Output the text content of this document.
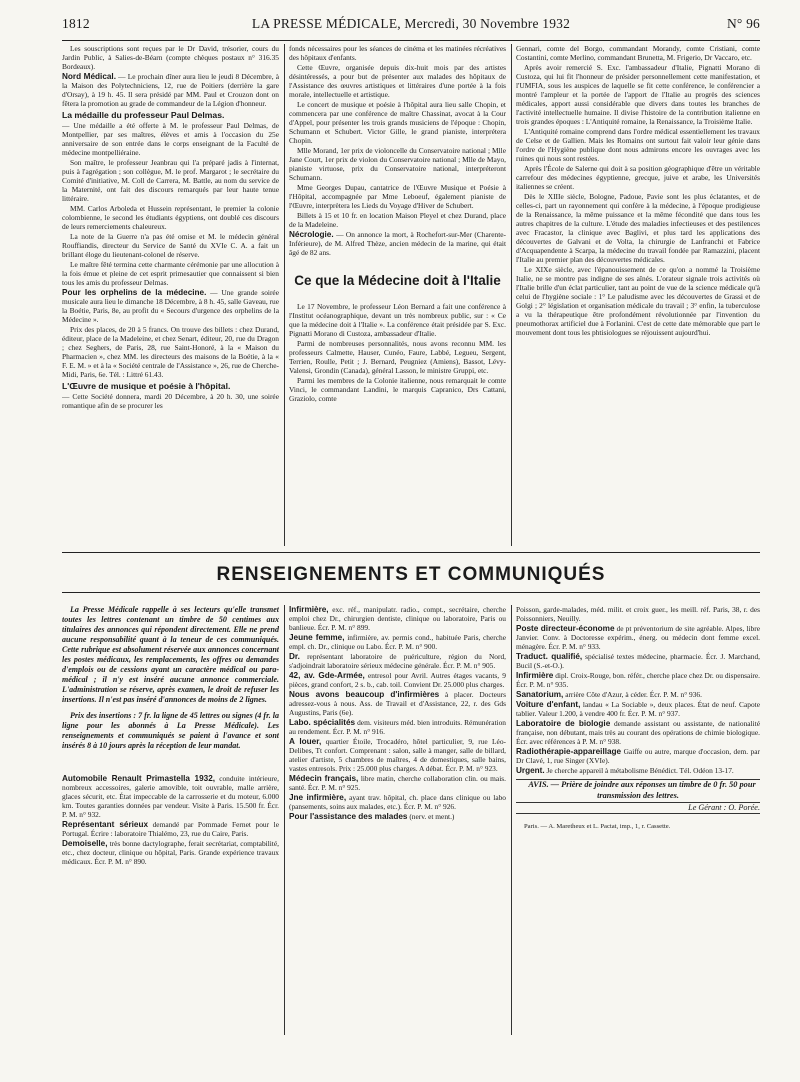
1812	LA PRESSE MÉDICALE, Mercredi, 30 Novembre 1932	N° 96

Les souscriptions sont reçues par le Dr David, trésorier, cours du Jardin Public, à Salies-de-Béarn (compte chèques postaux n° 316.35 Bordeaux).

Nord Médical. — Le prochain dîner aura lieu le jeudi 8 Décembre, à la Maison des Polytechniciens, 12, rue de Poitiers (derrière la gare d'Orsay), à 19 h. 45. Il sera présidé par MM. Paul et Crouzon dont on fêtera la promotion au grade de commandeur de la Légion d'honneur.

La médaille du professeur Paul Delmas.

— Une médaille a été offerte à M. le professeur Paul Delmas, de Montpellier, par ses maîtres, élèves et amis à l'occasion du 25e anniversaire de son entrée dans le corps enseignant de la Faculté de médecine montpelliéraine.

Son maître, le professeur Jeanbrau qui l'a préparé jadis à l'internat, puis à l'agrégation ; son collègue, M. le prof. Margarot ; le secrétaire du Comité d'initiative, M. Coll de Carrera, M. Battle, au nom du service de la Maternité, ont fait des discours remarqués par leur haute tenue littéraire.

MM. Carlos Arboleda et Hussein représentant, le premier la colonie colombienne, le second les étudiants égyptiens, ont doublé ces discours de leurs remerciements chaleureux.

La note de la Guerre n'a pas été omise et M. le médecin général Rouffiandis, directeur du Service de Santé du XVIe C. A. a fait un brillant éloge du lieutenant-colonel de réserve.

Le maître fêté termina cette charmante cérémonie par une allocution à la fois émue et pleine de cet esprit primesautier que connaissent si bien tous les amis du professeur Delmas.

Pour les orphelins de la médecine. — Une grande soirée musicale aura lieu le dimanche 18 Décembre, à 8 h. 45, salle Gaveau, rue la Boétie, Paris, 8e, au profit du « Secours d'urgence des orphelins de la Médecine ».

Prix des places, de 20 à 5 francs. On trouve des billets : chez Durand, éditeur, place de la Madeleine, et chez Senart, éditeur, 20, rue du Dragon ; chez Seghers, de Paris, 28, rue Saint-Honoré, à la « Maison du Pharmacien », chez MM. les directeurs des maisons de la Boétie, à la « F. E. M. » et à la « Société centrale de l'Assistance », 26, rue de Cherche-Midi, Paris, 6e. Tél. : Littré 61.43.

L'Œuvre de musique et poésie à l'hôpital.

— Cette Société donnera, mardi 20 Décembre, à 20 h. 30, une soirée romantique afin de se procurer les

fonds nécessaires pour les séances de cinéma et les matinées récréatives des hôpitaux d'enfants.

Cette Œuvre, organisée depuis dix-huit mois par des artistes désintéressés, a pour but de présenter aux malades des hôpitaux de l'Assistance des œuvres artistiques et littéraires d'une portée à la fois morale, intellectuelle et artistique.

Le concert de musique et poésie à l'hôpital aura lieu salle Chopin, et commencera par une conférence de maître Chassinat, avocat à la Cour d'Appel, pour présenter les trois grands musiciens de l'époque : Chopin, Schumann et Schubert. Victor Gille, le grand pianiste, interprétera Chopin.

Mlle Morand, 1er prix de violoncelle du Conservatoire national ; Mlle Jane Court, 1er prix de violon du Conservatoire national ; Mlle de Mayo, pianiste virtuose, prix du Conservatoire national, interpréteront Schumann.

Mme Georges Dupau, cantatrice de l'Œuvre Musique et Poésie à l'Hôpital, accompagnée par Mme Leboeuf, également pianiste de l'Œuvre, interprètera les Lieds du Voyage d'Hiver de Schubert.

Billets à 15 et 10 fr. en location Maison Pleyel et chez Durand, place de la Madeleine.

Nécrologie. — On annonce la mort, à Rochefort-sur-Mer (Charente-Inférieure), de M. Alfred Thèze, ancien médecin de la marine, qui était âgé de 82 ans.

Ce que la Médecine doit à l'Italie

Le 17 Novembre, le professeur Léon Bernard a fait une conférence à l'Institut océanographique, devant un très nombreux public, sur : « Ce que la médecine doit à l'Italie ». La conférence était présidée par S. Exc. Pignatti Morano di Custoza, ambassadeur d'Italie.

Parmi de nombreuses personnalités, nous avons reconnu MM. les professeurs Calmette, Hauser, Cunéo, Faure, Labbé, Legueu, Sergent, Terrien, Roulle, Petit ; J. Bernard, Peugniez (Amiens), Bassot, Lévy-Valensi, Grondin (Canada), général Lasson, le ministre Gruppi, etc.

Parmi les membres de la Colonie italienne, nous remarquait le comte Vinci, le commandant Landini, le marquis Capranico, Drs Cattani, Graziolo, comte

Gennari, comte del Borgo, commandant Morandy, comte Cristiani, comte Costantini, comte Merlino, commandant Brunetta, M. Frigerio, Dr Vaccaro, etc.

Après avoir remercié S. Exc. l'ambassadeur d'Italie, Pignatti Morano di Custoza, qui lui fit l'honneur de présider personnellement cette manifestation, et l'UMFIA, sous les auspices de laquelle se fit cette conférence, le conférencier a montré l'ampleur et la portée de l'apport de l'Italie au progrès des sciences médicales, apport aussi considérable que divers dans toutes les branches de l'activité intellectuelle humaine. Il divise l'histoire de la contribution italienne en trois grandes époques : L'Antiquité romaine, la Renaissance, la Troisième Italie.

L'Antiquité romaine comprend dans l'ordre médical essentiellement les travaux de Celse et de Gallien. Mais les Romains ont surtout fait valoir leur génie dans l'ordre de l'Hygiène publique dont nous admirons encore les ouvrages avec les ruines qui nous sont restées.

Après l'École de Salerne qui doit à sa position géographique d'être un véritable carrefour des médecines égyptienne, grecque, juive et arabe, les Universités italiennes se créent.

Dès le XIIIe siècle, Bologne, Padoue, Pavie sont les plus éclatantes, et de celles-ci, part un rayonnement qui confère à la médecine, à l'époque prodigieuse de la Renaissance, la même puissance et la même fécondité que dans tous les autres chapitres de la culture. L'étude des maladies infectieuses et des pestilences avec Fracastor, la clinique avec Baglivi, et plus tard les applications des découvertes de Galvani et de Volta, la chirurgie de Lanfranchi et Fabrice d'Acquapendente à Scarpa, la médecine du travail fondée par Ramazzini, placent l'Italie au premier plan des découvertes médicales.

Le XIXe siècle, avec l'épanouissement de ce qu'on a nommé la Troisième Italie, ne se montre pas indigne de ses aînés. L'orateur signale trois activités où l'Italie brille d'un éclat particulier, tant au point de vue de la science médicale qu'à celui de l'hygiène sociale : 1° Le paludisme avec les découvertes de Grassi et de Golgi ; 2° législation et organisation médicale du travail ; 3° enfin, la tuberculose a vu la thérapeutique être profondément révolutionnée par l'invention du pneumothorax artificiel due à Forlanini. C'est de cette date mémorable que part le mouvement dont tous les phtisiologues se réjouissent aujourd'hui.

RENSEIGNEMENTS ET COMMUNIQUÉS

La Presse Médicale rappelle à ses lecteurs qu'elle transmet toutes les lettres contenant un timbre de 50 centimes aux titulaires des annonces qui répondent directement. Elle ne prend aucune responsabilité quant à la teneur de ces communiqués. Cette rubrique est absolument réservée aux annonces concernant les postes médicaux, les remplacements, les offres ou demandes d'emplois ou de cessions ayant un caractère médical ou para-médical ; il n'y est inséré aucune annonce commerciale. L'administration se réserve, après examen, le droit de refuser les insertions. Il n'est pas inséré d'annonces de moins de 2 lignes.

Prix des insertions : 7 fr. la ligne de 45 lettres ou signes (4 fr. la ligne pour les abonnés à La Presse Médicale). Les renseignements et communiqués se paient à l'avance et sont insérés 8 à 10 jours après la réception de leur mandat.

Automobile Renault Primastella 1932, conduite intérieure, nombreux accessoires, galerie amovible, toit ouvrable, malle arrière, glaces sécurit, etc. État impeccable de la carrosserie et du moteur, 6.000 km. Toutes garanties données par vendeur. Visite à Paris. 15.500 fr. Écr. P. M. n° 932.

Représentant sérieux demandé par Pommade Fernet pour le Portugal. Écrire : laboratoire Thialémo, 23, rue du Caire, Paris.

Demoiselle, très bonne dactylographe, ferait secrétariat, comptabilité, etc., chez docteur, clinique ou hôpital, Paris. Grande expérience travaux médicaux. Écr. P. M. n° 890.

Infirmière, exc. réf., manipulatr. radio., compt., secrétaire, cherche emploi chez Dr., chirurgien dentiste, clinique ou laboratoire, Paris ou banlieue. Écr. P. M. n° 899.

Jeune femme, infirmière, av. permis cond., habituée Paris, cherche empl. ch. Dr., clinique ou Labo. Écr. P. M. n° 900.

Dr. représentant laboratoire de puériculture, région du Nord, s'adjoindrait laboratoire sérieux médecine générale. Écr. P. M. n° 905.

42, av. Gde-Armée, entresol pour Avril. Autres étages vacants, 9 pièces, grand confort, 2 s. b., cab. toil. Convient Dr. 25.000 plus charges.

Nous avons beaucoup d'infirmières à placer. Docteurs adressez-vous à nous. Ass. de Travail et d'Assistance, 22, r. des Gds Augustins, Paris (6e).

Labo. spécialités dem. visiteurs méd. bien introduits. Rémunération au rendement. Écr. P. M. n° 916.

A louer, quartier Étoile, Trocadéro, hôtel particulier, 9, rue Léo-Delibes, Tt confort. Comprenant : salon, salle à manger, salle de billard, atelier d'artiste, 5 chambres de maîtres, 4 de domestiques, salle bains, vastes entresols. Prix : 25.000 plus charges. A débat. Écr. P. M. n° 923.

Médecin français, libre matin, cherche collaboration clin. ou mais. santé. Écr. P. M. n° 925.

Jne infirmière, ayant trav. hôpital, ch. place dans clinique ou labo (pansements, soins aux malades, etc.). Écr. P. M. n° 926.

Pour l'assistance des malades (nerv. et ment.)

Poisson, garde-malades, méd. milit. et croix guer., les meill. réf. Paris, 38, r. des Poissonniers, Neuilly.

Poste directeur-économe de pt préventorium de site agréable. Alpes, libre Janvier. Conv. à Doctoresse expérim., énerg. ou médecin dont femme excel. ménagère. Écr. P. M. n° 933.

Traduct. qualifié, spécialisé textes médecine, pharmacie. Écr. J. Marchand, Bucil (S.-et-O.).

Infirmière dipl. Croix-Rouge, bon. référ., cherche place chez Dr. ou dispensaire. Écr. P. M. n° 935.

Sanatorium, arrière Côte d'Azur, à céder. Écr. P. M. n° 936.

Voiture d'enfant, landau « La Sociable », deux places. État de neuf. Capote tablier. Valeur 1.200, à vendre 400 fr. Écr. P. M. n° 937.

Laboratoire de biologie demande assistant ou assistante, de nationalité française, non débutant, mais très au courant des opérations de chimie biologique. Écr. avec références à P. M. n° 938.

Radiothérapie-appareillage Gaiffe ou autre, marque d'occasion, dem. par Dr Clavé, 1, rue Singer (XVIe).

Urgent. Je cherche appareil à métabolisme Bénédict. Tél. Odéon 13-17.

AVIS. — Prière de joindre aux réponses un timbre de 0 fr. 50 pour transmission des lettres.

Le Gérant : O. Porée.

Paris. — A. Maretheux et L. Pactat, imp., 1, r. Cassette.
